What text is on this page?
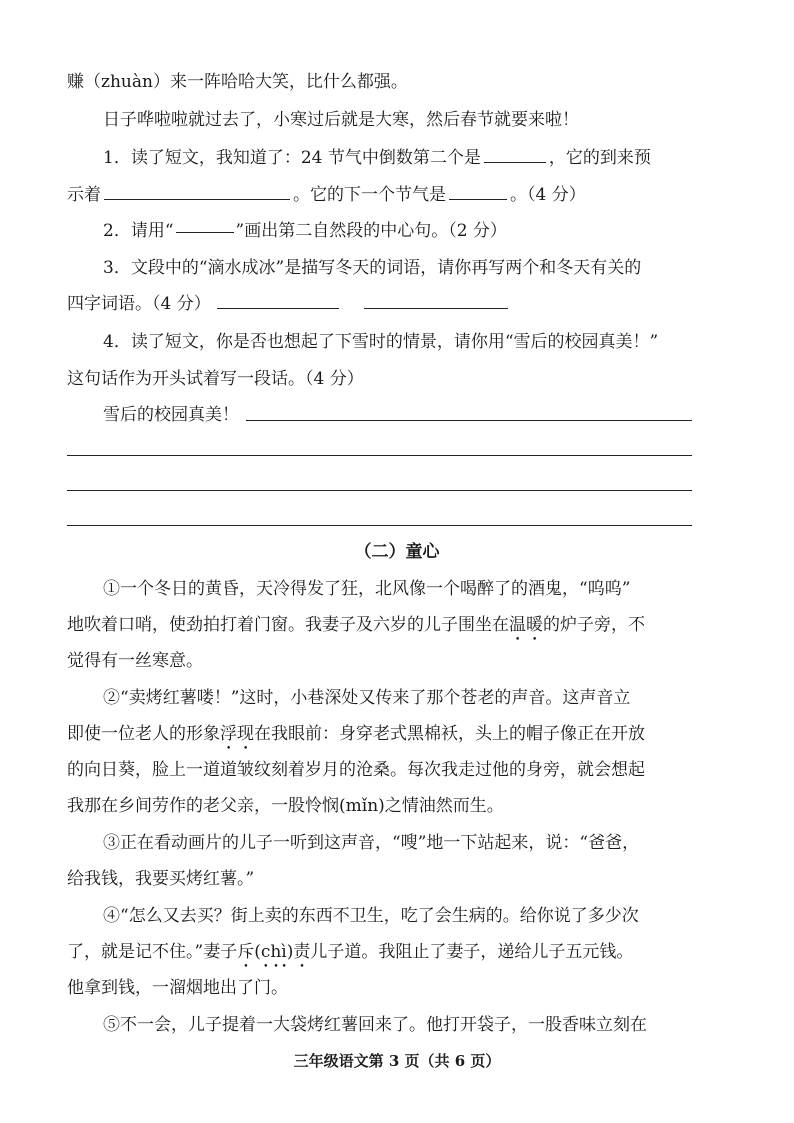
赚（zhuàn）来一阵哈哈大笑，比什么都强。
日子哗啦啦就过去了，小寒过后就是大寒，然后春节就要来啦！
1．读了短文，我知道了：24 节气中倒数第二个是	，它的到来预
示着	。它的下一个节气是	。（4 分）
2．请用“	”画出第二自然段的中心句。（2 分）
3．文段中的“滴水成冰”是描写冬天的词语，请你再写两个和冬天有关的
四字词语。（4 分）
4．读了短文，你是否也想起了下雪时的情景，请你用“雪后的校园真美！”
这句话作为开头试着写一段话。（4 分）
雪后的校园真美！
（二）童心
①一个冬日的黄昏，天冷得发了狂，北风像一个喝醉了的酒鬼，“呜呜”
地吹着口哨，使劲拍打着门窗。我妻子及六岁的儿子围坐在温暖的炉子旁，不
觉得有一丝寒意。
②“卖烤红薯喽！”这时，小巷深处又传来了那个苍老的声音。这声音立
即使一位老人的形象浮现在我眼前：身穿老式黑棉袄，头上的帽子像正在开放
的向日葵，脸上一道道皱纹刻着岁月的沧桑。每次我走过他的身旁，就会想起
我那在乡间劳作的老父亲，一股怜悯(mǐn)之情油然而生。
③正在看动画片的儿子一听到这声音，“嗖”地一下站起来，说：“爸爸，
给我钱，我要买烤红薯。”
④“怎么又去买？街上卖的东西不卫生，吃了会生病的。给你说了多少次
了，就是记不住。”妻子斥(chì)责儿子道。我阻止了妻子，递给儿子五元钱。
他拿到钱，一溜烟地出了门。
⑤不一会，儿子提着一大袋烤红薯回来了。他打开袋子，一股香味立刻在
三年级语文第 3 页（共 6 页）
